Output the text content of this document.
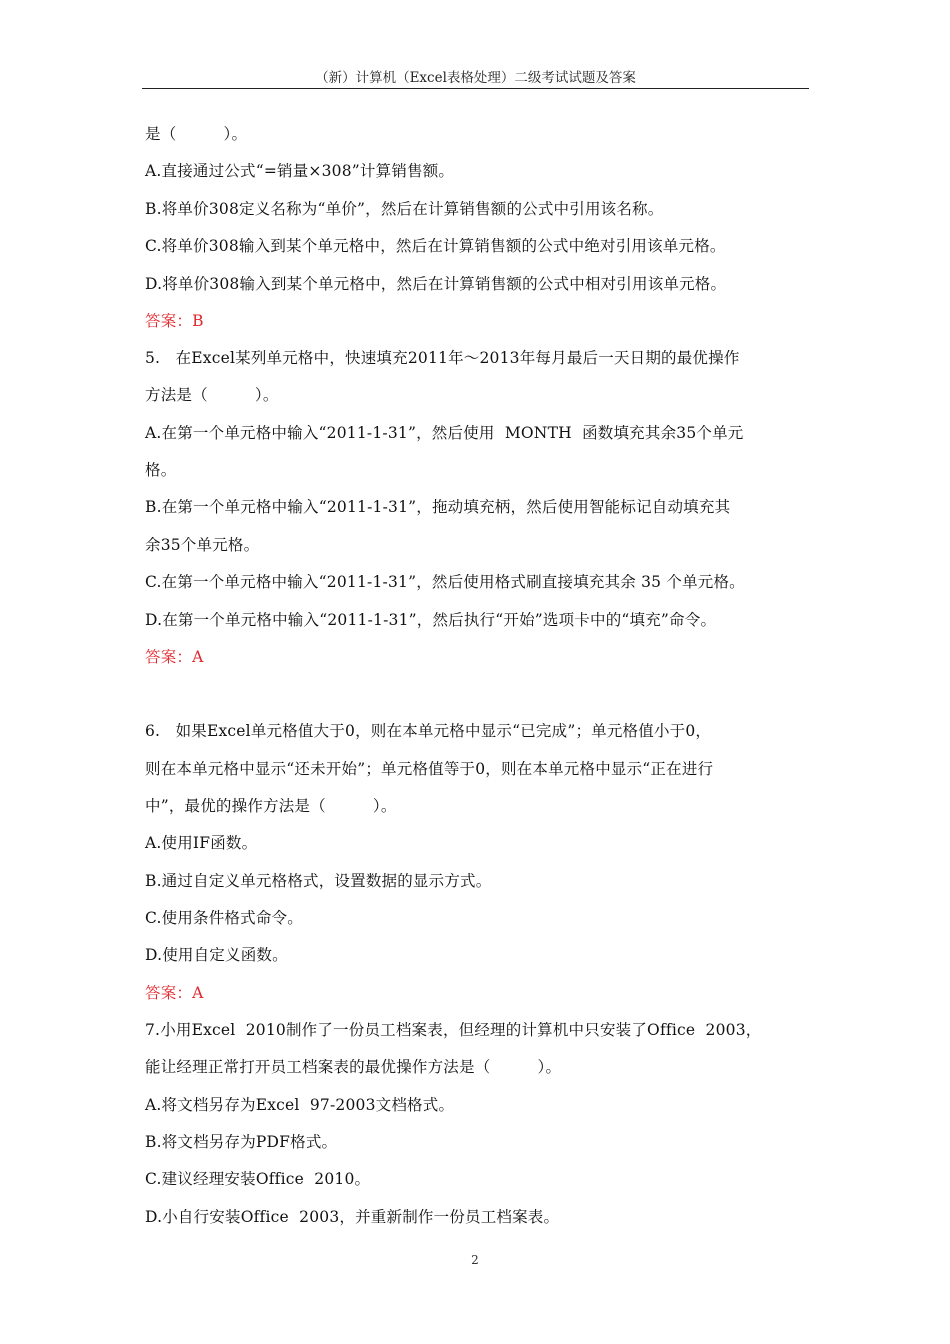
（新）计算机（Excel表格处理）二级考试试题及答案
是（　　　）。
A.直接通过公式“=销量×308”计算销售额。
B.将单价308定义名称为“单价”，然后在计算销售额的公式中引用该名称。
C.将单价308输入到某个单元格中，然后在计算销售额的公式中绝对引用该单元格。
D.将单价308输入到某个单元格中，然后在计算销售额的公式中相对引用该单元格。
答案：B
5.   在Excel某列单元格中，快速填充2011年～2013年每月最后一天日期的最优操作
方法是（　　　）。
A.在第一个单元格中输入“2011-1-31”，然后使用  MONTH  函数填充其余35个单元
格。
B.在第一个单元格中输入“2011-1-31”，拖动填充柄，然后使用智能标记自动填充其
余35个单元格。
C.在第一个单元格中输入“2011-1-31”，然后使用格式刷直接填充其余 35 个单元格。
D.在第一个单元格中输入“2011-1-31”，然后执行“开始”选项卡中的“填充”命令。
答案：A
6.   如果Excel单元格值大于0，则在本单元格中显示“已完成”；单元格值小于0，
则在本单元格中显示“还未开始”；单元格值等于0，则在本单元格中显示“正在进行
中”，最优的操作方法是（　　　）。
A.使用IF函数。
B.通过自定义单元格格式，设置数据的显示方式。
C.使用条件格式命令。
D.使用自定义函数。
答案：A
7.小用Excel  2010制作了一份员工档案表，但经理的计算机中只安装了Office  2003，
能让经理正常打开员工档案表的最优操作方法是（　　　）。
A.将文档另存为Excel  97-2003文档格式。
B.将文档另存为PDF格式。
C.建议经理安装Office  2010。
D.小自行安装Office  2003，并重新制作一份员工档案表。
2
